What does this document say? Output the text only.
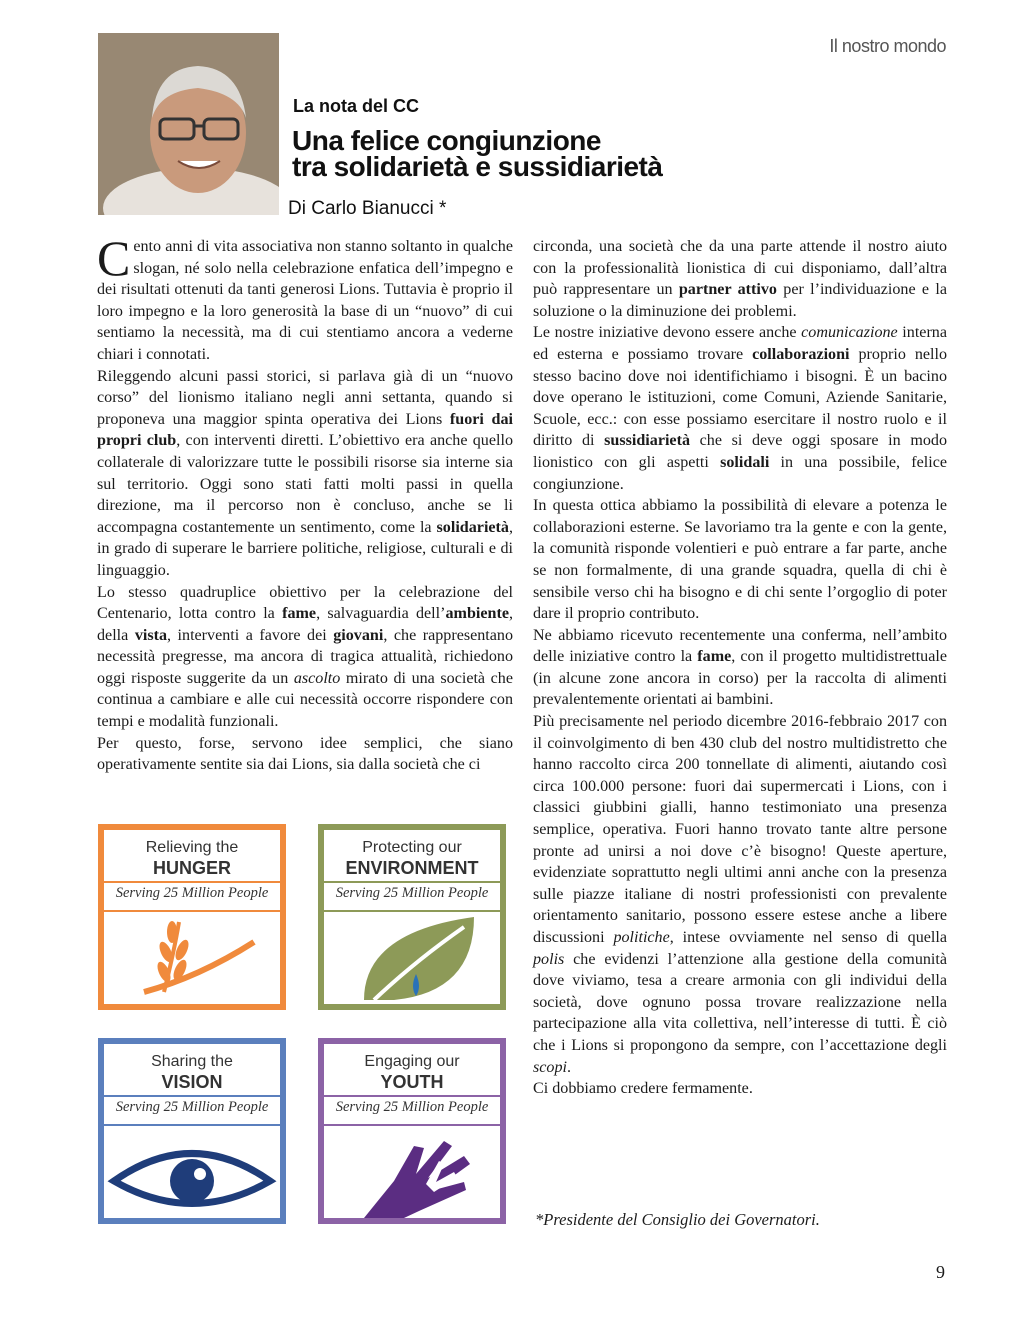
Il nostro mondo
La nota del CC
Una felice congiunzione
tra solidarietà e sussidiarietà
Di Carlo Bianucci *

Cento anni di vita associativa non stanno soltanto in qualche slogan, né solo nella celebrazione enfatica dell’impegno e dei risultati ottenuti da tanti generosi Lions. Tuttavia è proprio il loro impegno e la loro generosità la base di un “nuovo” di cui sentiamo la necessità, ma di cui stentiamo ancora a vederne chiari i connotati.

Rileggendo alcuni passi storici, si parlava già di un “nuovo corso” del lionismo italiano negli anni settanta, quando si proponeva una maggior spinta operativa dei Lions fuori dai propri club, con interventi diretti. L’obiettivo era anche quello collaterale di valorizzare tutte le possibili risorse sia interne sia sul territorio. Oggi sono stati fatti molti passi in quella direzione, ma il percorso non è concluso, anche se li accompagna costantemente un sentimento, come la solidarietà, in grado di superare le barriere politiche, religiose, culturali e di linguaggio.

Lo stesso quadruplice obiettivo per la celebrazione del Centenario, lotta contro la fame, salvaguardia dell’ambiente, della vista, interventi a favore dei giovani, che rappresentano necessità pregresse, ma ancora di tragica attualità, richiedono oggi risposte suggerite da un ascolto mirato di una società che continua a cambiare e alle cui necessità occorre rispondere con tempi e modalità funzionali.

Per questo, forse, servono idee semplici, che siano operativamente sentite sia dai Lions, sia dalla società che ci

circonda, una società che da una parte attende il nostro aiuto con la professionalità lionistica di cui disponiamo, dall’altra può rappresentare un partner attivo per l’individuazione e la soluzione o la diminuzione dei problemi.

Le nostre iniziative devono essere anche comunicazione interna ed esterna e possiamo trovare collaborazioni proprio nello stesso bacino dove noi identifichiamo i bisogni. È un bacino dove operano le istituzioni, come Comuni, Aziende Sanitarie, Scuole, ecc.: con esse possiamo esercitare il nostro ruolo e il diritto di sussidiarietà che si deve oggi sposare in modo lionistico con gli aspetti solidali in una possibile, felice congiunzione.

In questa ottica abbiamo la possibilità di elevare a potenza le collaborazioni esterne. Se lavoriamo tra la gente e con la gente, la comunità risponde volentieri e può entrare a far parte, anche se non formalmente, di una grande squadra, quella di chi è sensibile verso chi ha bisogno e di chi sente l’orgoglio di poter dare il proprio contributo.

Ne abbiamo ricevuto recentemente una conferma, nell’ambito delle iniziative contro la fame, con il progetto multidistrettuale (in alcune zone ancora in corso) per la raccolta di alimenti prevalentemente orientati ai bambini.

Più precisamente nel periodo dicembre 2016-febbraio 2017 con il coinvolgimento di ben 430 club del nostro multidistretto che hanno raccolto circa 200 tonnellate di alimenti, aiutando così circa 100.000 persone: fuori dai supermercati i Lions, con i classici giubbini gialli, hanno testimoniato una presenza semplice, operativa. Fuori hanno trovato tante altre persone pronte ad unirsi a noi dove c’è bisogno! Queste aperture, evidenziate soprattutto negli ultimi anni anche con la presenza sulle piazze italiane di nostri professionisti con prevalente orientamento sanitario, possono essere estese anche a libere discussioni politiche, intese ovviamente nel senso di quella polis che evidenzi l’attenzione alla gestione della comunità dove viviamo, tesa a creare armonia con gli individui della società, dove ognuno possa trovare realizzazione nella partecipazione alla vita collettiva, nell’interesse di tutti. È ciò che i Lions si propongono da sempre, con l’accettazione degli scopi.

Ci dobbiamo credere fermamente.

Relieving the
HUNGER
Serving 25 Million People
Protecting our
ENVIRONMENT
Serving 25 Million People
Sharing the
VISION
Serving 25 Million People
Engaging our
YOUTH
Serving 25 Million People
*Presidente del Consiglio dei Governatori.
9
